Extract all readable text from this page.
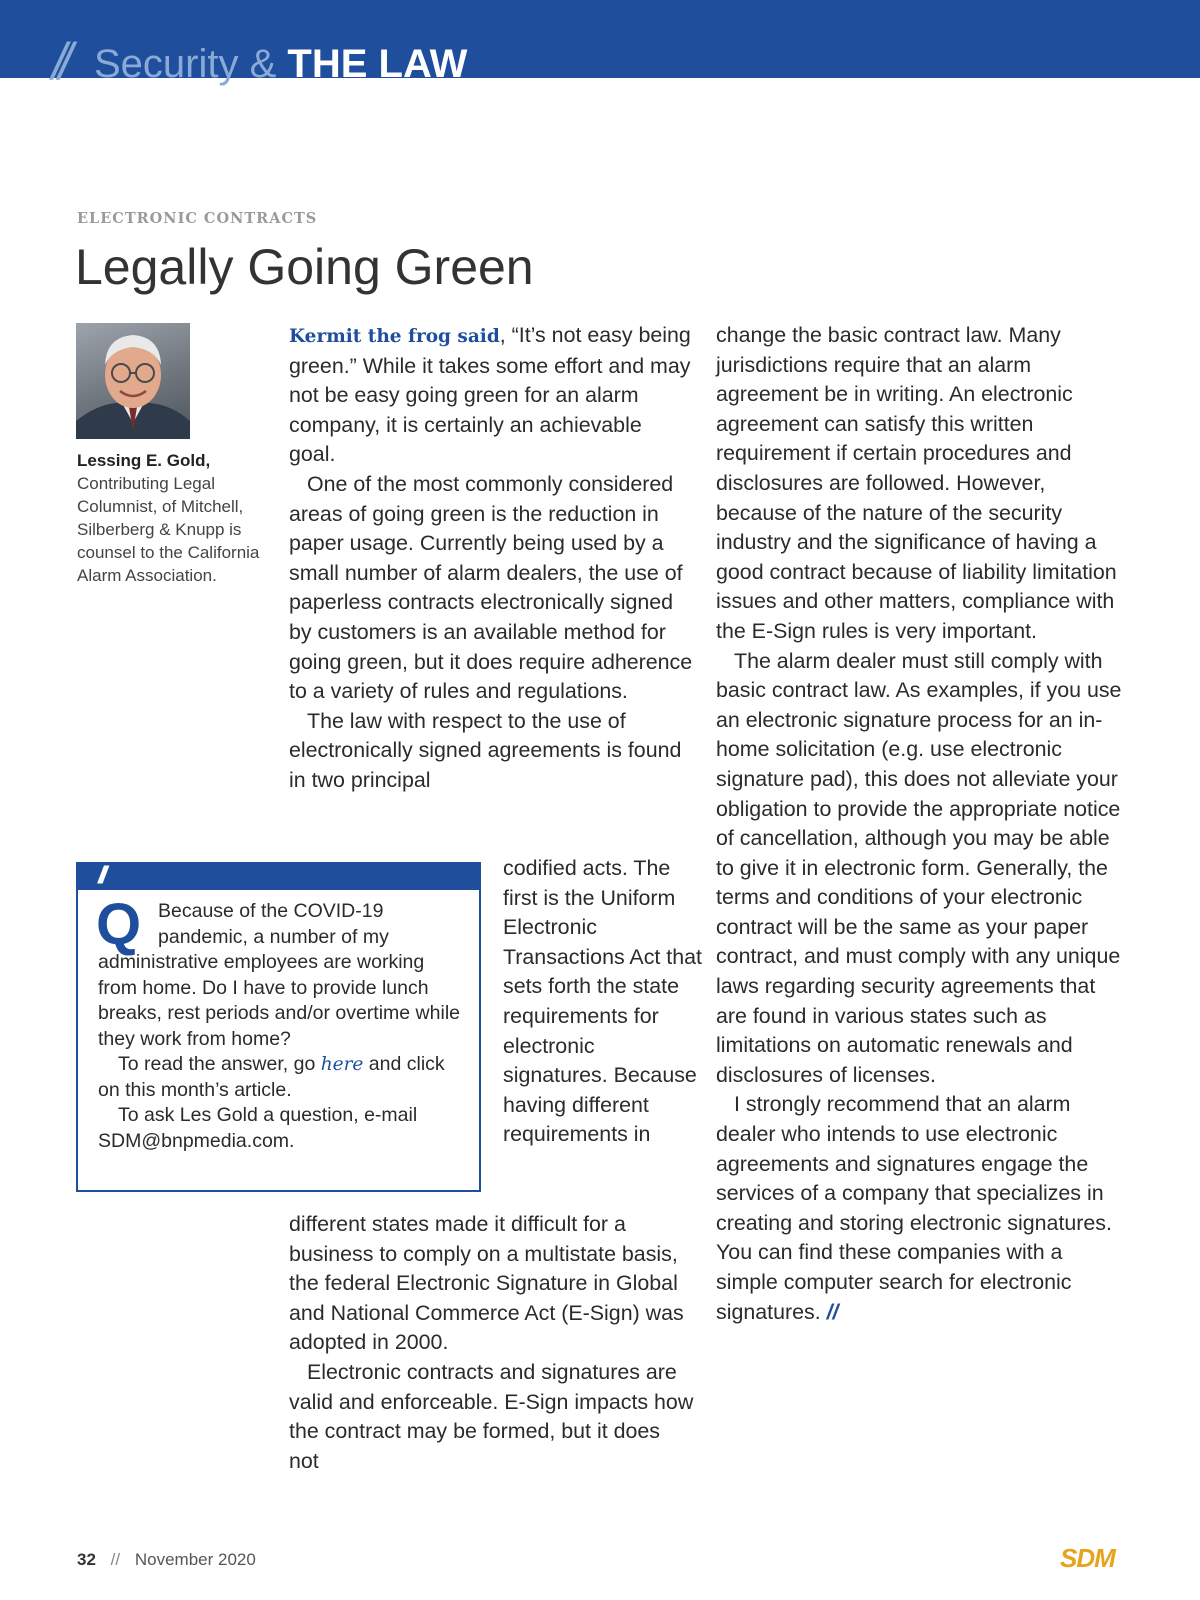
// Security & THE LAW
ELECTRONIC CONTRACTS
Legally Going Green
Lessing E. Gold,
Contributing Legal Columnist, of Mitchell, Silberberg & Knupp is counsel to the California Alarm Association.

Kermit the frog said, “It’s not easy being green.” While it takes some effort and may not be easy going green for an alarm company, it is certainly an achievable goal.

One of the most commonly considered areas of going green is the reduction in paper usage. Currently being used by a small number of alarm dealers, the use of paperless contracts electronically signed by customers is an available method for going green, but it does require adherence to a variety of rules and regulations.

The law with respect to the use of electronically signed agreements is found in two principal

codified acts. The first is the Uniform Electronic Transactions Act that sets forth the state requirements for electronic signatures. Because having different requirements in

different states made it difficult for a business to comply on a multistate basis, the federal Electronic Signature in Global and National Commerce Act (E-Sign) was adopted in 2000.

Electronic contracts and signatures are valid and enforceable. E-Sign impacts how the contract may be formed, but it does not

change the basic contract law. Many jurisdictions require that an alarm agreement be in writing. An electronic agreement can satisfy this written requirement if certain procedures and disclosures are followed. However, because of the nature of the security industry and the significance of having a good contract because of liability limitation issues and other matters, compliance with the E-Sign rules is very important.

The alarm dealer must still comply with basic contract law. As examples, if you use an electronic signature process for an in-home solicitation (e.g. use electronic signature pad), this does not alleviate your obligation to provide the appropriate notice of cancellation, although you may be able to give it in electronic form. Generally, the terms and conditions of your electronic contract will be the same as your paper contract, and must comply with any unique laws regarding security agreements that are found in various states such as limitations on automatic renewals and disclosures of licenses.

I strongly recommend that an alarm dealer who intends to use electronic agreements and signatures engage the services of a company that specializes in creating and storing electronic signatures. You can find these companies with a simple computer search for electronic signatures. //

//
Q Because of the COVID-19 pandemic, a number of my administrative employees are working from home. Do I have to provide lunch breaks, rest periods and/or overtime while they work from home?

To read the answer, go here and click on this month’s article.

To ask Les Gold a question, e-mail SDM@bnpmedia.com.

32 // November 2020	SDM
